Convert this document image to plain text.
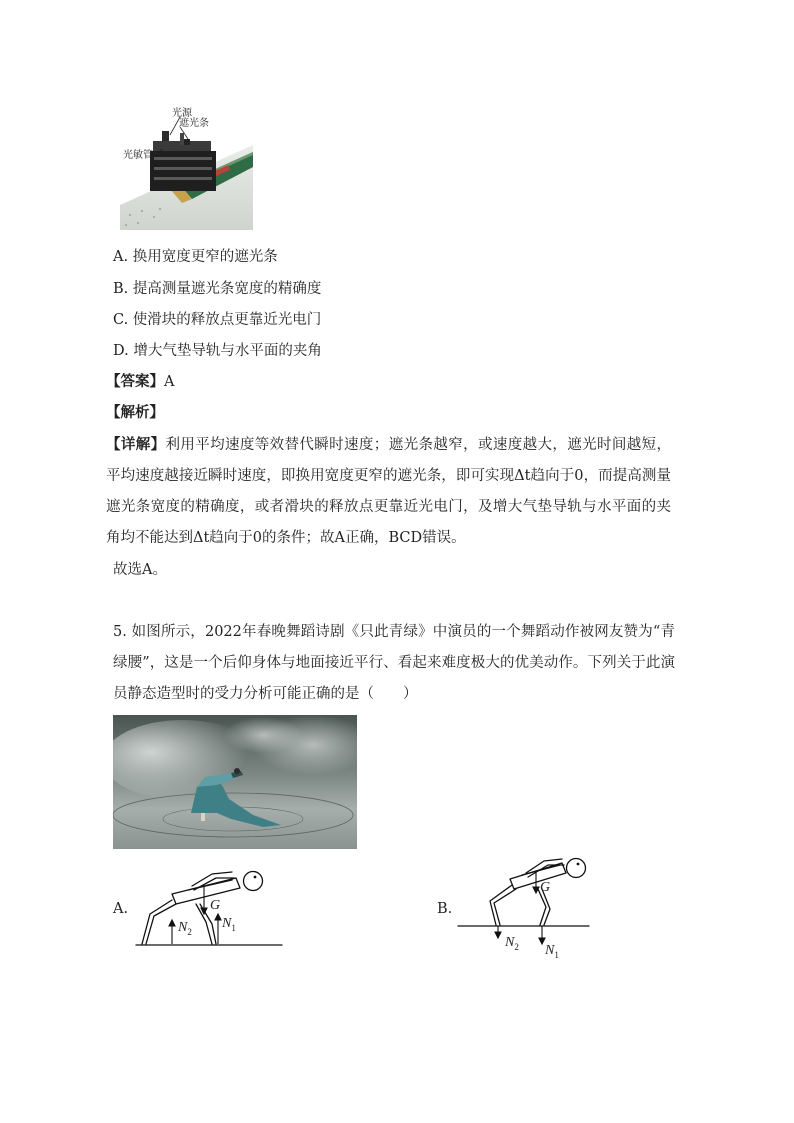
光源
遮光条
光敏管
A. 换用宽度更窄的遮光条
B. 提高测量遮光条宽度的精确度
C. 使滑块的释放点更靠近光电门
D. 增大气垫导轨与水平面的夹角
【答案】A
【解析】
【详解】利用平均速度等效替代瞬时速度；遮光条越窄，或速度越大，遮光时间越短，平均速度越接近瞬时速度，即换用宽度更窄的遮光条，即可实现Δt趋向于0，而提高测量遮光条宽度的精确度，或者滑块的释放点更靠近光电门，及增大气垫导轨与水平面的夹角均不能达到Δt趋向于0的条件；故A正确，BCD错误。
故选A。
5. 如图所示，2022年春晚舞蹈诗剧《只此青绿》中演员的一个舞蹈动作被网友赞为“青绿腰”，这是一个后仰身体与地面接近平行、看起来难度极大的优美动作。下列关于此演员静态造型时的受力分析可能正确的是（　　）
A.	G
$N_2$
$N_1$
B.
G
$N_2$ $N_1$
